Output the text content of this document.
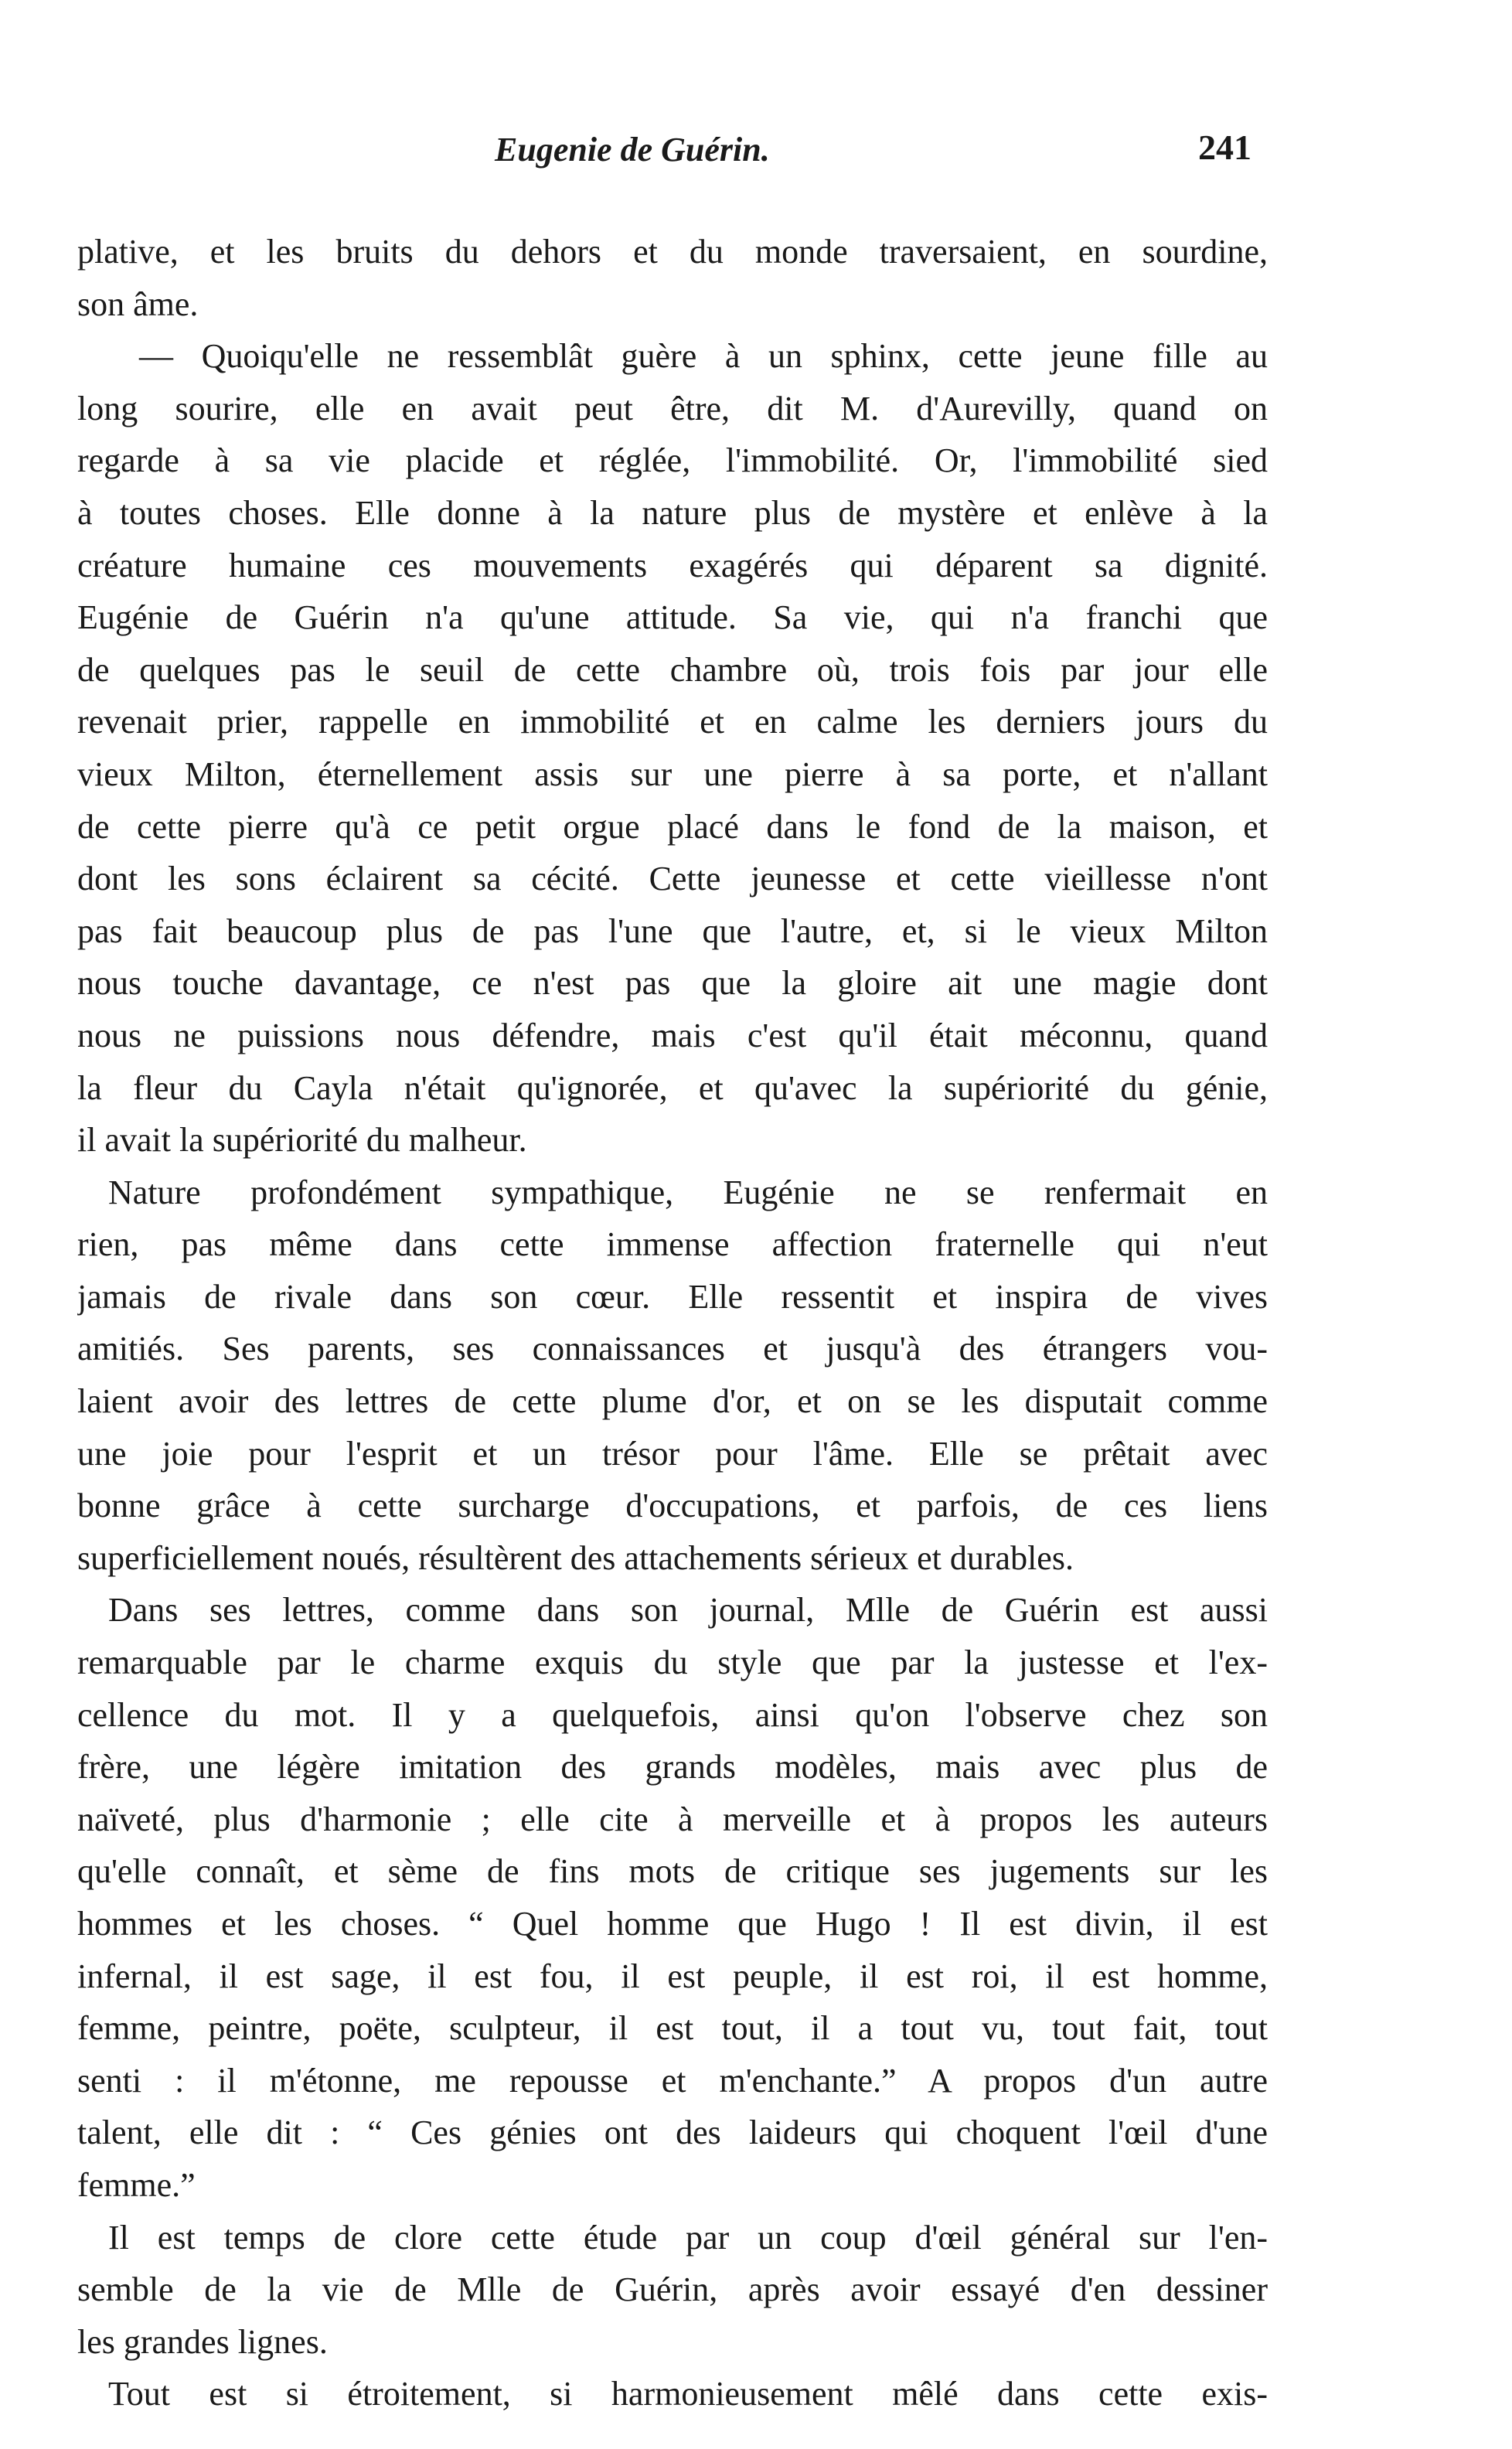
Eugenie de Guérin.	241
plative, et les bruits du dehors et du monde traversaient, en sourdine,
son âme.
— Quoiqu'elle ne ressemblât guère à un sphinx, cette jeune fille au
long sourire, elle en avait peut être, dit M. d'Aurevilly, quand on
regarde à sa vie placide et réglée, l'immobilité. Or, l'immobilité sied
à toutes choses. Elle donne à la nature plus de mystère et enlève à la
créature humaine ces mouvements exagérés qui déparent sa dignité.
Eugénie de Guérin n'a qu'une attitude. Sa vie, qui n'a franchi que
de quelques pas le seuil de cette chambre où, trois fois par jour elle
revenait prier, rappelle en immobilité et en calme les derniers jours du
vieux Milton, éternellement assis sur une pierre à sa porte, et n'allant
de cette pierre qu'à ce petit orgue placé dans le fond de la maison, et
dont les sons éclairent sa cécité. Cette jeunesse et cette vieillesse n'ont
pas fait beaucoup plus de pas l'une que l'autre, et, si le vieux Milton
nous touche davantage, ce n'est pas que la gloire ait une magie dont
nous ne puissions nous défendre, mais c'est qu'il était méconnu, quand
la fleur du Cayla n'était qu'ignorée, et qu'avec la supériorité du génie,
il avait la supériorité du malheur.
Nature profondément sympathique, Eugénie ne se renfermait en
rien, pas même dans cette immense affection fraternelle qui n'eut
jamais de rivale dans son cœur. Elle ressentit et inspira de vives
amitiés. Ses parents, ses connaissances et jusqu'à des étrangers vou-
laient avoir des lettres de cette plume d'or, et on se les disputait comme
une joie pour l'esprit et un trésor pour l'âme. Elle se prêtait avec
bonne grâce à cette surcharge d'occupations, et parfois, de ces liens
superficiellement noués, résultèrent des attachements sérieux et durables.
Dans ses lettres, comme dans son journal, Mlle de Guérin est aussi
remarquable par le charme exquis du style que par la justesse et l'ex-
cellence du mot. Il y a quelquefois, ainsi qu'on l'observe chez son
frère, une légère imitation des grands modèles, mais avec plus de
naïveté, plus d'harmonie ; elle cite à merveille et à propos les auteurs
qu'elle connaît, et sème de fins mots de critique ses jugements sur les
hommes et les choses. “ Quel homme que Hugo ! Il est divin, il est
infernal, il est sage, il est fou, il est peuple, il est roi, il est homme,
femme, peintre, poëte, sculpteur, il est tout, il a tout vu, tout fait, tout
senti : il m'étonne, me repousse et m'enchante.” A propos d'un autre
talent, elle dit : “ Ces génies ont des laideurs qui choquent l'œil d'une
femme.”
Il est temps de clore cette étude par un coup d'œil général sur l'en-
semble de la vie de Mlle de Guérin, après avoir essayé d'en dessiner
les grandes lignes.
Tout est si étroitement, si harmonieusement mêlé dans cette exis-
